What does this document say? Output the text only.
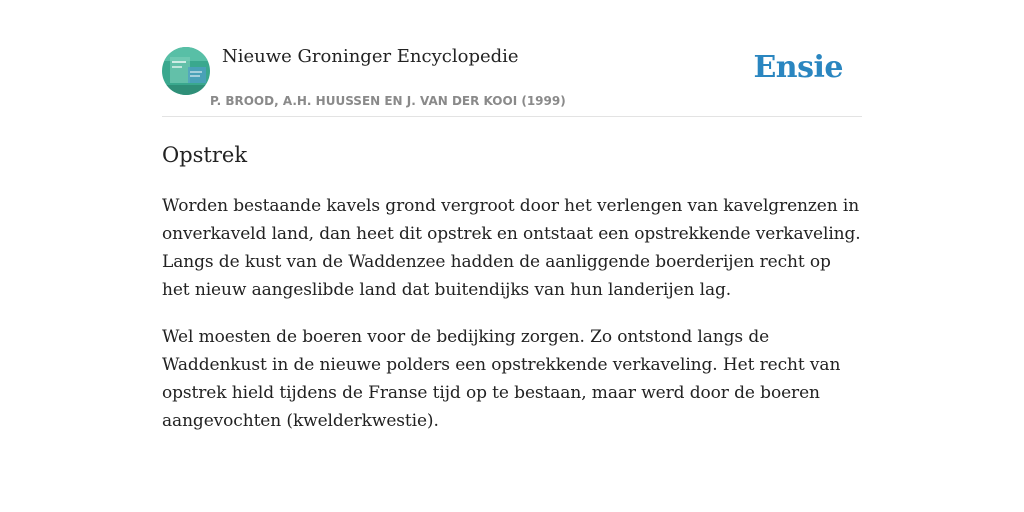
Nieuwe Groninger Encyclopedie
P. BROOD, A.H. HUUSSEN EN J. VAN DER KOOI (1999)
Ensie
Opstrek

Worden bestaande kavels grond vergroot door het verlengen van kavelgrenzen in onverkaveld land, dan heet dit opstrek en ontstaat een opstrekkende verkaveling. Langs de kust van de Waddenzee hadden de aanliggende boerderijen recht op het nieuw aangeslibde land dat buitendijks van hun landerijen lag.

Wel moesten de boeren voor de bedijking zorgen. Zo ontstond langs de Waddenkust in de nieuwe polders een opstrekkende verkaveling. Het recht van opstrek hield tijdens de Franse tijd op te bestaan, maar werd door de boeren aangevochten (kwelderkwestie).
